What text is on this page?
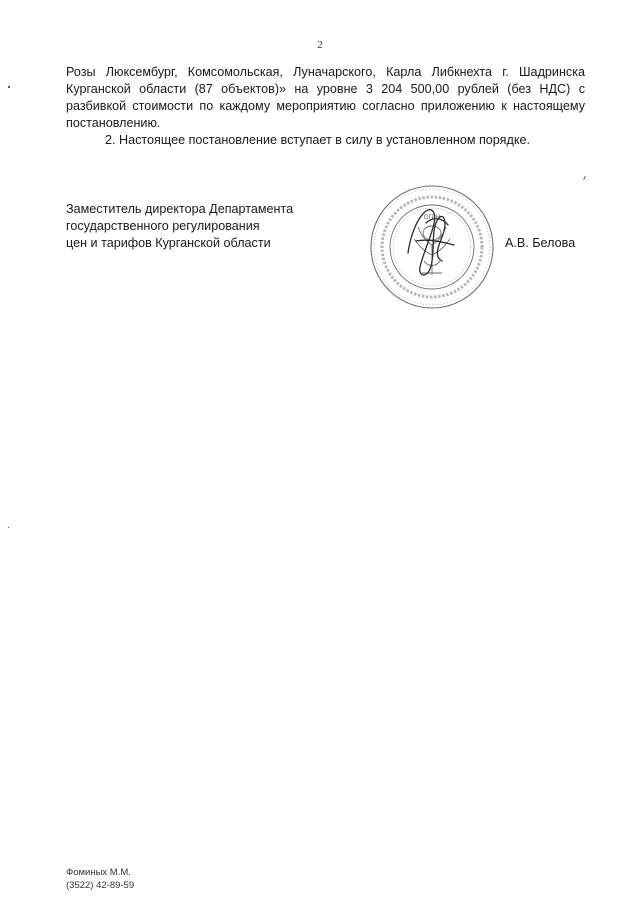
2

Розы Люксембург, Комсомольская, Луначарского, Карла Либкнехта г. Шадринска Курганской области (87 объектов)» на уровне 3 204 500,00 рублей (без НДС) с разбивкой стоимости по каждому мероприятию согласно приложению к настоящему постановлению.

2. Настоящее постановление вступает в силу в установленном порядке.

Заместитель директора Департамента
государственного регулирования
цен и тарифов Курганской области
ОГРН
А.В. Белова
Фоминых М.М.
(3522) 42-89-59
